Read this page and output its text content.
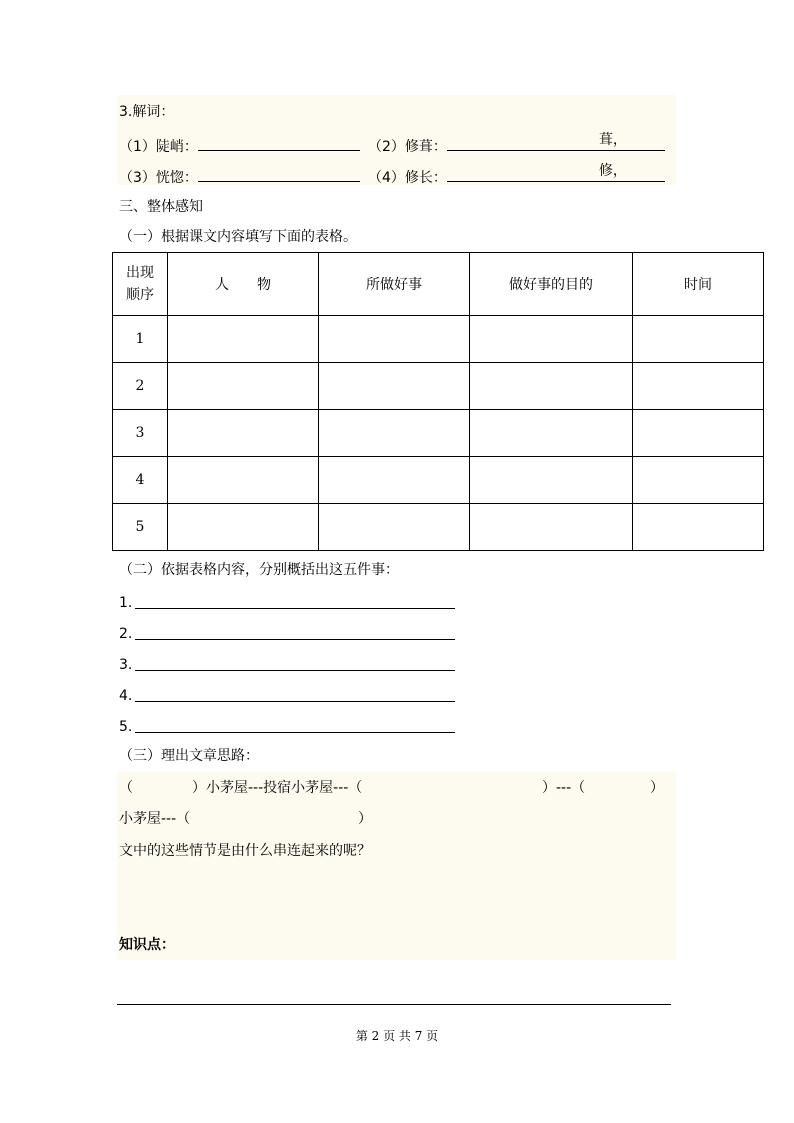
3.解词：
（1）陡峭：	（2）修葺：	葺，
（3）恍惚：	（4）修长：	修，
三、整体感知
（一）根据课文内容填写下面的表格。
出现
顺序	人　　物	所做好事	做好事的目的	时间
1				
2				
3				
4				
5				
（二）依据表格内容，分别概括出这五件事：
1.
2.
3.
4.
5.
（三）理出文章思路：
（	）小茅屋---投宿小茅屋---（	）---（	）
小茅屋---（	）
文中的这些情节是由什么串连起来的呢？
知识点：
第 2 页 共 7 页
